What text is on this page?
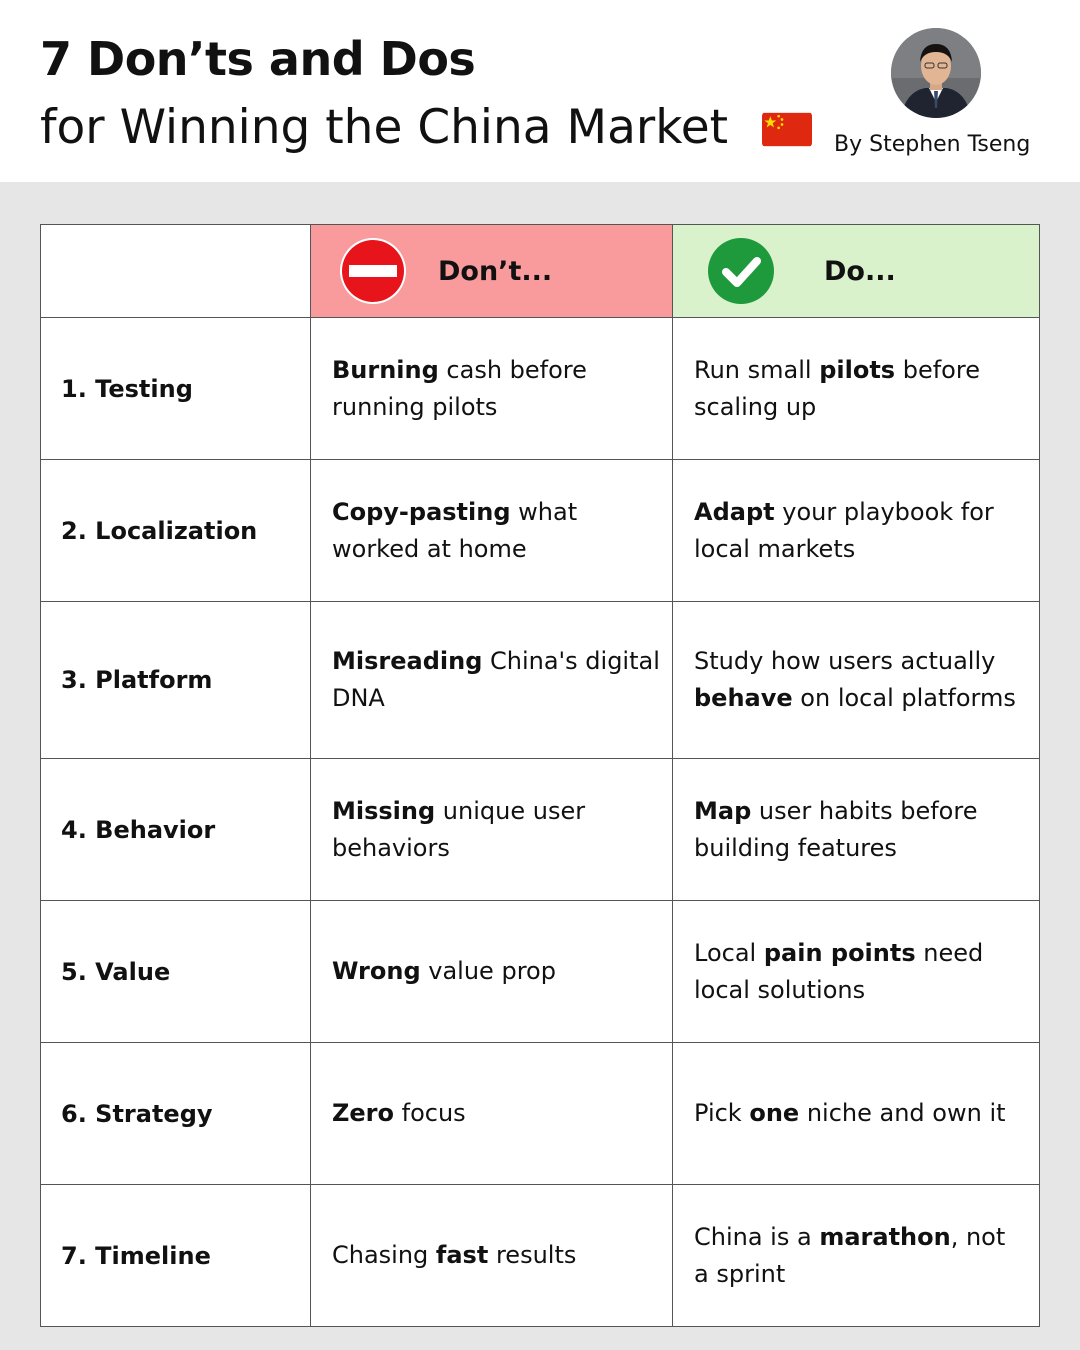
7 Don’ts and Dos
for Winning the China Market	By Stephen Tseng

	Don’t...	Do...

1. Testing	Burning cash before running pilots	Run small pilots before scaling up
2. Localization	Copy-pasting what worked at home	Adapt your playbook for local markets
3. Platform	Misreading China's digital DNA	Study how users actually behave on local platforms
4. Behavior	Missing unique user behaviors	Map user habits before building features
5. Value	Wrong value prop	Local pain points need local solutions
6. Strategy	Zero focus	Pick one niche and own it
7. Timeline	Chasing fast results	China is a marathon, not a sprint
